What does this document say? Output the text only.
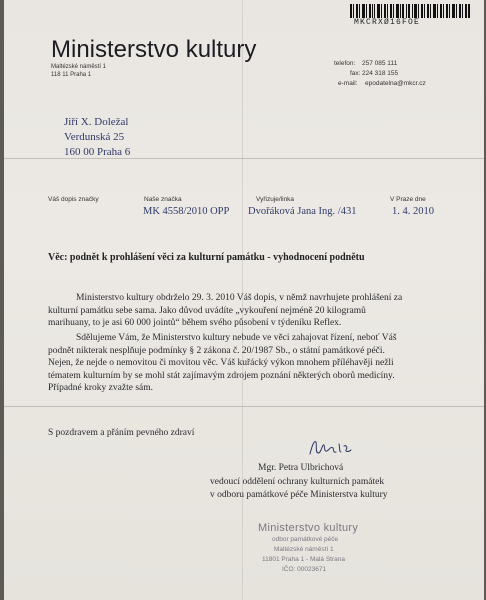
MKCRXØ16FOE
Ministerstvo kultury
Maltézské náměstí 1
118 11 Praha 1
telefon: 257 085 111
fax: 224 318 155
e-mail: epodatelna@mkcr.cz
Jiří X. Doležal
Verdunská 25
160 00 Praha 6
Váš dopis značky	Naše značka
MK 4558/2010 OPP
Vyřizuje/linka
Dvořáková Jana Ing. /431
V Praze dne
1. 4. 2010
Věc: podnět k prohlášení věci za kulturní památku - vyhodnocení podnětu
Ministerstvo kultury obdrželo 29. 3. 2010 Váš dopis, v němž navrhujete prohlášení za
kulturní památku sebe sama. Jako důvod uvádíte „vykouření nejméně 20 kilogramů
marihuany, to je asi 60 000 jointů“ během svého působení v týdeníku Reflex.
Sdělujeme Vám, že Ministerstvo kultury nebude ve věci zahajovat řízení, neboť Váš
podnět nikterak nesplňuje podmínky § 2 zákona č. 20/1987 Sb., o státní památkové péči.
Nejen, že nejde o nemovitou či movitou věc. Váš kuřácký výkon mnohem příléhavěji nežli
tématem kulturním by se mohl stát zajímavým zdrojem poznání některých oborů medicíny.
Případné kroky zvažte sám.
S pozdravem a přáním pevného zdraví
Mgr. Petra Ulbrichová
vedoucí oddělení ochrany kulturních památek
v odboru památkové péče Ministerstva kultury
Ministerstvo kultury
odbor památkové péče
Maltézské náměstí 1
11801 Praha 1 - Malá Strana
IČO: 00023671
